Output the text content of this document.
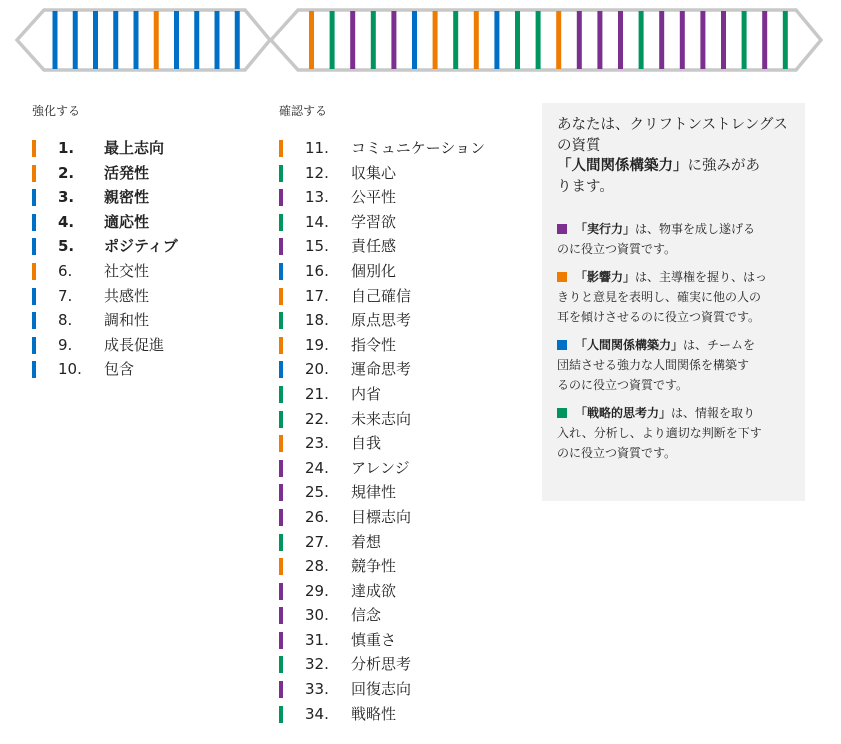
強化する
1. 最上志向
2. 活発性
3. 親密性
4. 適応性
5. ポジティブ
6. 社交性
7. 共感性
8. 調和性
9. 成長促進
10. 包含
確認する
11. コミュニケーション
12. 収集心
13. 公平性
14. 学習欲
15. 責任感
16. 個別化
17. 自己確信
18. 原点思考
19. 指令性
20. 運命思考
21. 内省
22. 未来志向
23. 自我
24. アレンジ
25. 規律性
26. 目標志向
27. 着想
28. 競争性
29. 達成欲
30. 信念
31. 慎重さ
32. 分析思考
33. 回復志向
34. 戦略性

あなたは、クリフトンストレングス
の資質
「人間関係構築力」に強みがあ
ります。

「実行力」は、物事を成し遂げる
のに役立つ資質です。

「影響力」は、主導権を握り、はっ
きりと意見を表明し、確実に他の人の
耳を傾けさせるのに役立つ資質です。

「人間関係構築力」は、チームを
団結させる強力な人間関係を構築す
るのに役立つ資質です。

「戦略的思考力」は、情報を取り
入れ、分析し、より適切な判断を下す
のに役立つ資質です。
